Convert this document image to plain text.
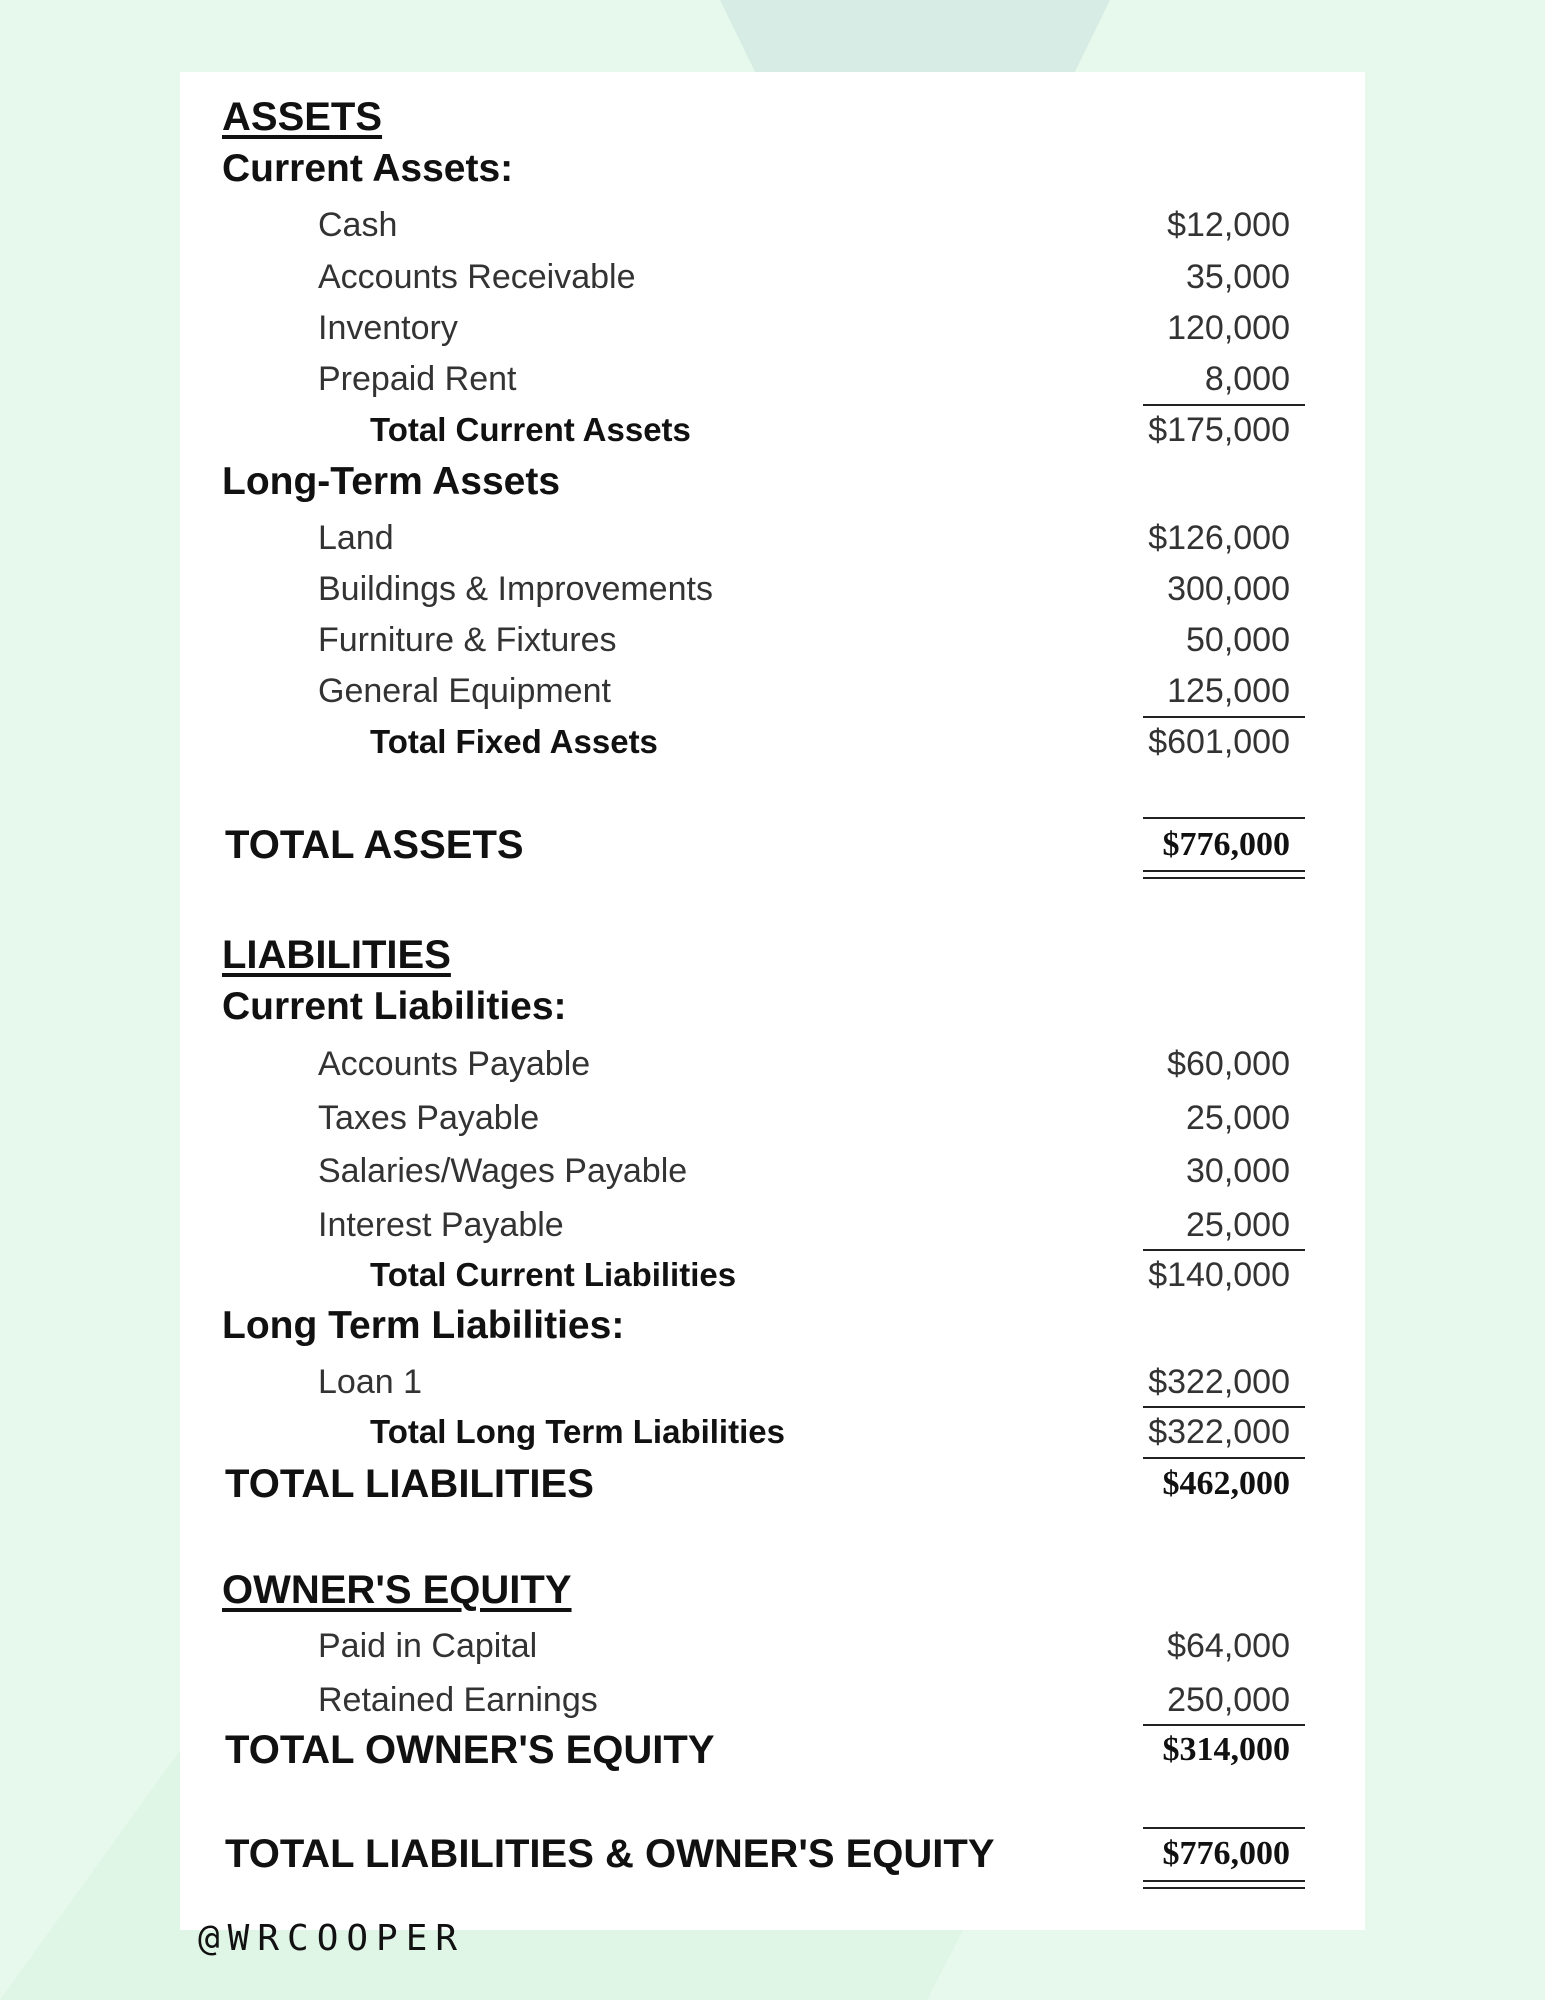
ASSETS
Current Assets:
Cash	$12,000
Accounts Receivable	35,000
Inventory	120,000
Prepaid Rent	8,000
Total Current Assets	$175,000
Long-Term Assets
Land	$126,000
Buildings & Improvements	300,000
Furniture & Fixtures	50,000
General Equipment	125,000
Total Fixed Assets	$601,000
TOTAL ASSETS	$776,000
LIABILITIES
Current Liabilities:
Accounts Payable	$60,000
Taxes Payable	25,000
Salaries/Wages Payable	30,000
Interest Payable	25,000
Total Current Liabilities	$140,000
Long Term Liabilities:
Loan 1	$322,000
Total Long Term Liabilities	$322,000
TOTAL LIABILITIES	$462,000
OWNER'S EQUITY
Paid in Capital	$64,000
Retained Earnings	250,000
TOTAL OWNER'S EQUITY	$314,000
TOTAL LIABILITIES & OWNER'S EQUITY	$776,000
@WRCOOPER
